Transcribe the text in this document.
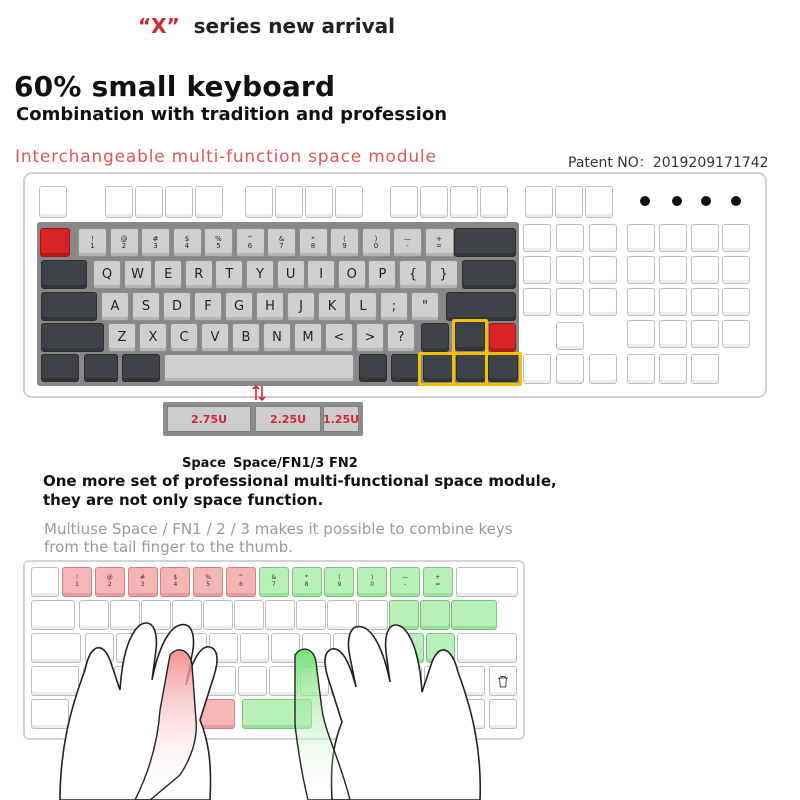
“X” series new arrival
60% small keyboard
Combination with tradition and profession
Interchangeable multi-function space module	Patent NO：2019209171742
!
1
@
2
#
3
$
4
%
5
^
6
&
7
*
8
(
9
)
0
—
-
+
=
Q	W	E	R	T	Y	U	I	O	P	{	}
A	S	D	F	G	H	J	K	L	;	"
Z	X	C	V	B	N	M	<	>	?
2.75U	2.25U	1.25U
Space Space/FN1/3 FN2
One more set of professional multi-functional space module,
they are not only space function.
Multiuse Space / FN1 / 2 / 3 makes it possible to combine keys
from the tail finger to the thumb.
!
1
@
2
#
3
$
4
%
5
^
6
&
7
*
8
(
9
)
0
—
-
+
=
